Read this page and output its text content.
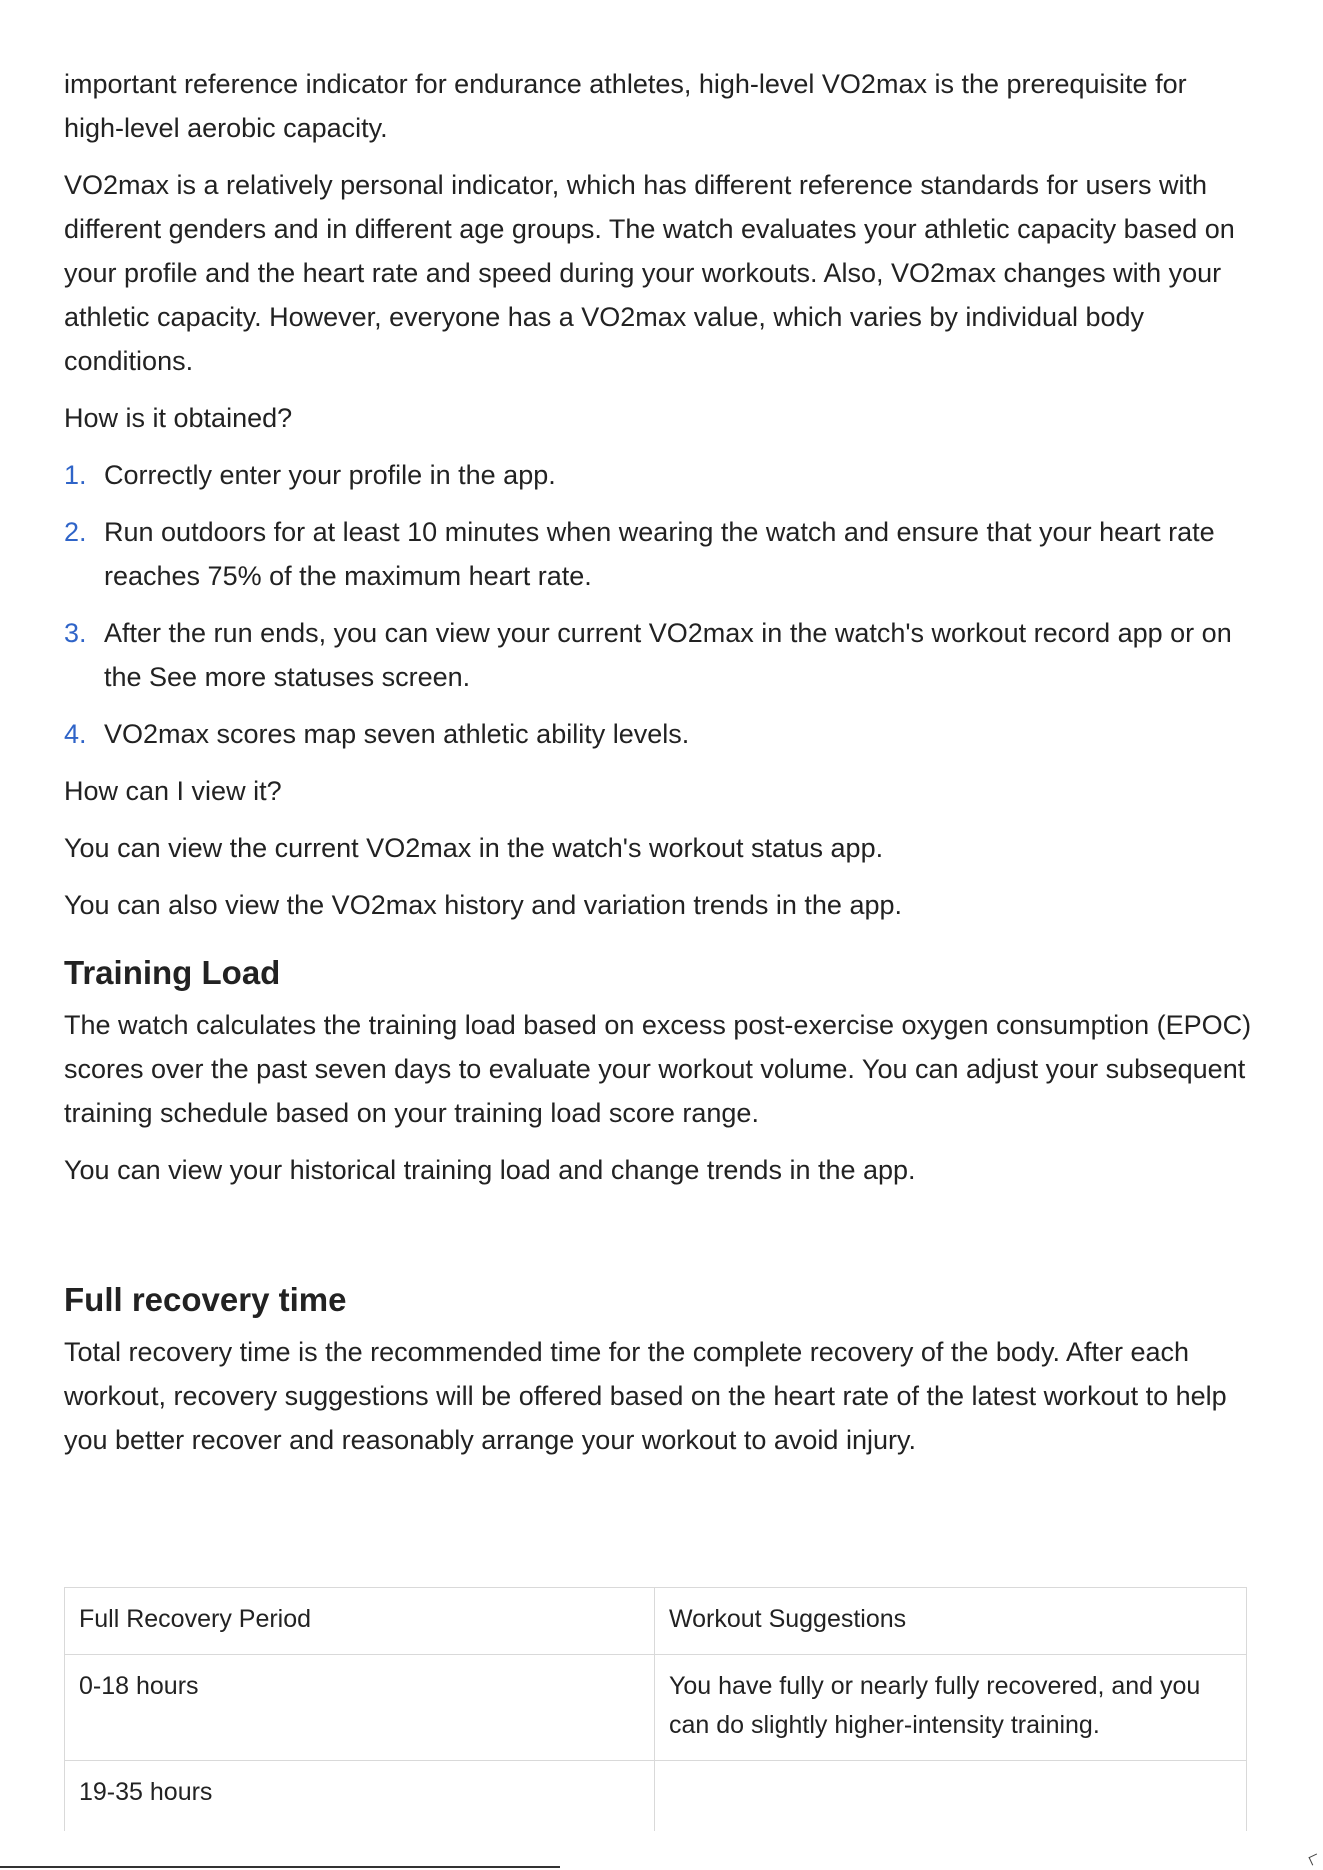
important reference indicator for endurance athletes, high-level VO2max is the prerequisite for high-level aerobic capacity.

VO2max is a relatively personal indicator, which has different reference standards for users with different genders and in different age groups. The watch evaluates your athletic capacity based on your profile and the heart rate and speed during your workouts. Also, VO2max changes with your athletic capacity. However, everyone has a VO2max value, which varies by individual body conditions.

How is it obtained?

1. Correctly enter your profile in the app.
2. Run outdoors for at least 10 minutes when wearing the watch and ensure that your heart rate reaches 75% of the maximum heart rate.
3. After the run ends, you can view your current VO2max in the watch's workout record app or on the See more statuses screen.
4. VO2max scores map seven athletic ability levels.

How can I view it?

You can view the current VO2max in the watch's workout status app.

You can also view the VO2max history and variation trends in the app.

Training Load

The watch calculates the training load based on excess post-exercise oxygen consumption (EPOC) scores over the past seven days to evaluate your workout volume. You can adjust your subsequent training schedule based on your training load score range.

You can view your historical training load and change trends in the app.

Full recovery time

Total recovery time is the recommended time for the complete recovery of the body. After each workout, recovery suggestions will be offered based on the heart rate of the latest workout to help you better recover and reasonably arrange your workout to avoid injury.

Full Recovery Period	Workout Suggestions
0-18 hours	You have fully or nearly fully recovered, and you can do slightly higher-intensity training.
19-35 hours	
